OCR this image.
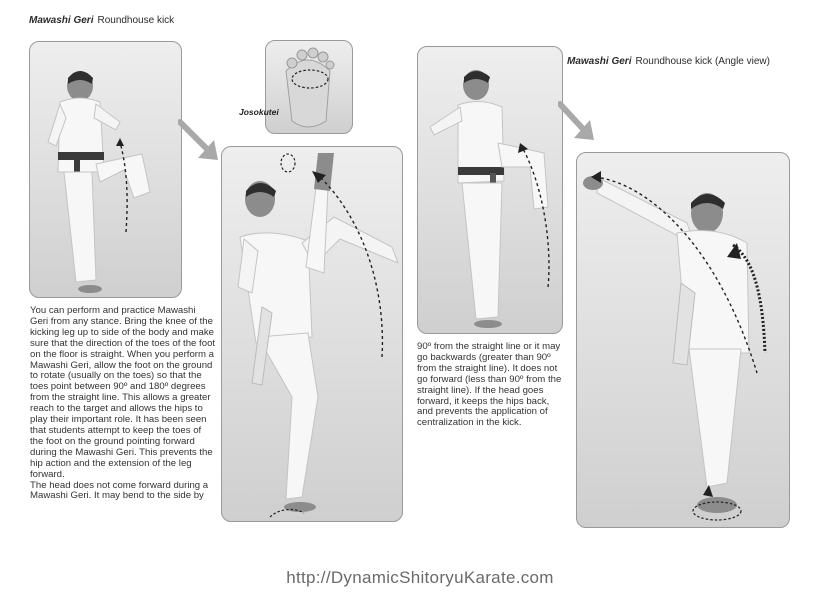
Mawashi Geri Roundhouse kick
Mawashi Geri Roundhouse kick (Angle view)
Josokutei

You can perform and practice Mawashi Geri from any stance. Bring the knee of the kicking leg up to side of the body and make sure that the direction of the toes of the foot on the floor is straight. When you perform a Mawashi Geri, allow the foot on the ground to rotate (usually on the toes) so that the toes point between 90º and 180º degrees from the straight line. This allows a greater reach to the target and allows the hips to play their important role. It has been seen that students attempt to keep the toes of the foot on the ground pointing forward during the Mawashi Geri. This prevents the hip action and the extension of the leg forward.

The head does not come forward during a Mawashi Geri. It may bend to the side by

90º from the straight line or it may go backwards (greater than 90º from the straight line). It does not go forward (less than 90º from the straight line). If the head goes forward, it keeps the hips back, and prevents the application of centralization in the kick.

http://DynamicShitoryuKarate.com
